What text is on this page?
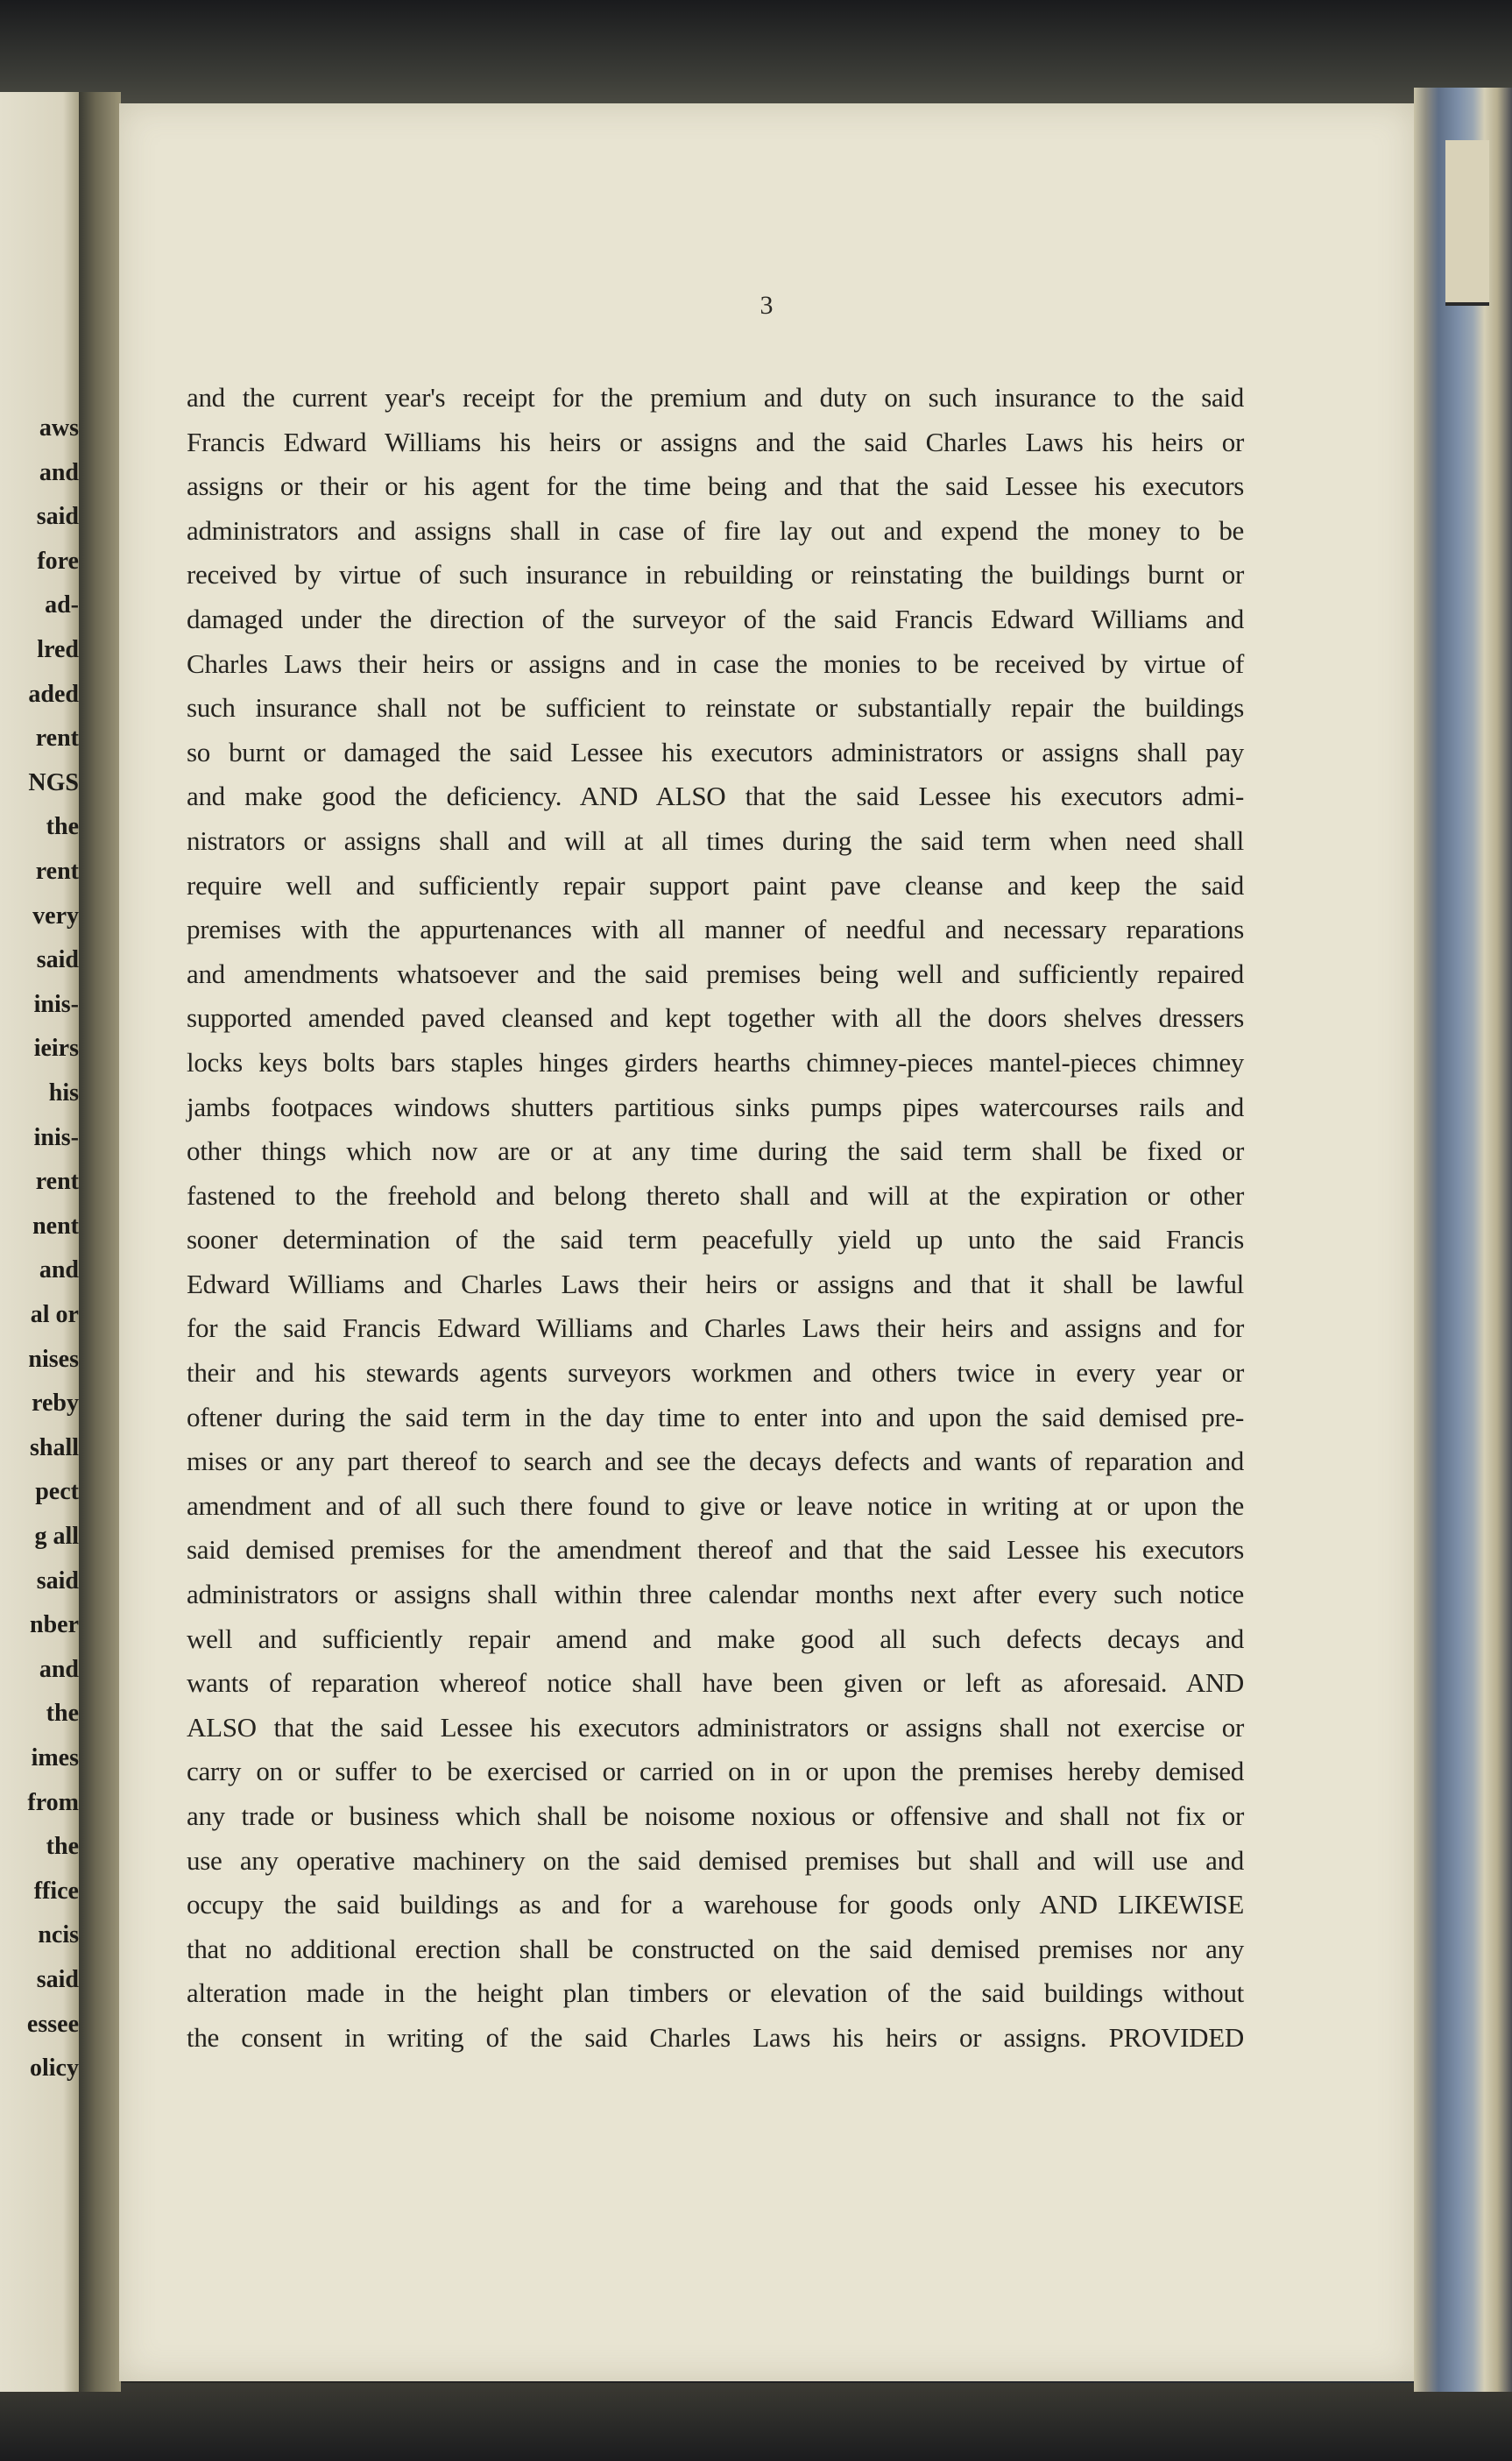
aws
and
said
fore
ad-
lred
aded
rent
NGS
the
rent
very
said
inis-
ieirs
his
inis-
rent
nent
and
al or
nises
reby
shall
pect
g all
said
nber
and
the
imes
from
the
ffice
ncis
said
essee
olicy
3
and the current year's receipt for the premium and duty on such insurance to the said
Francis Edward Williams his heirs or assigns and the said Charles Laws his heirs or
assigns or their or his agent for the time being and that the said Lessee his executors
administrators and assigns shall in case of fire lay out and expend the money to be
received by virtue of such insurance in rebuilding or reinstating the buildings burnt or
damaged under the direction of the surveyor of the said Francis Edward Williams and
Charles Laws their heirs or assigns and in case the monies to be received by virtue of
such insurance shall not be sufficient to reinstate or substantially repair the buildings
so burnt or damaged the said Lessee his executors administrators or assigns shall pay
and make good the deficiency. AND ALSO that the said Lessee his executors admi-
nistrators or assigns shall and will at all times during the said term when need shall
require well and sufficiently repair support paint pave cleanse and keep the said
premises with the appurtenances with all manner of needful and necessary reparations
and amendments whatsoever and the said premises being well and sufficiently repaired
supported amended paved cleansed and kept together with all the doors shelves dressers
locks keys bolts bars staples hinges girders hearths chimney-pieces mantel-pieces chimney
jambs footpaces windows shutters partitious sinks pumps pipes watercourses rails and
other things which now are or at any time during the said term shall be fixed or
fastened to the freehold and belong thereto shall and will at the expiration or other
sooner determination of the said term peacefully yield up unto the said Francis
Edward Williams and Charles Laws their heirs or assigns and that it shall be lawful
for the said Francis Edward Williams and Charles Laws their heirs and assigns and for
their and his stewards agents surveyors workmen and others twice in every year or
oftener during the said term in the day time to enter into and upon the said demised pre-
mises or any part thereof to search and see the decays defects and wants of reparation and
amendment and of all such there found to give or leave notice in writing at or upon the
said demised premises for the amendment thereof and that the said Lessee his executors
administrators or assigns shall within three calendar months next after every such notice
well and sufficiently repair amend and make good all such defects decays and
wants of reparation whereof notice shall have been given or left as aforesaid. AND
ALSO that the said Lessee his executors administrators or assigns shall not exercise or
carry on or suffer to be exercised or carried on in or upon the premises hereby demised
any trade or business which shall be noisome noxious or offensive and shall not fix or
use any operative machinery on the said demised premises but shall and will use and
occupy the said buildings as and for a warehouse for goods only AND LIKEWISE
that no additional erection shall be constructed on the said demised premises nor any
alteration made in the height plan timbers or elevation of the said buildings without
the consent in writing of the said Charles Laws his heirs or assigns. PROVIDED
